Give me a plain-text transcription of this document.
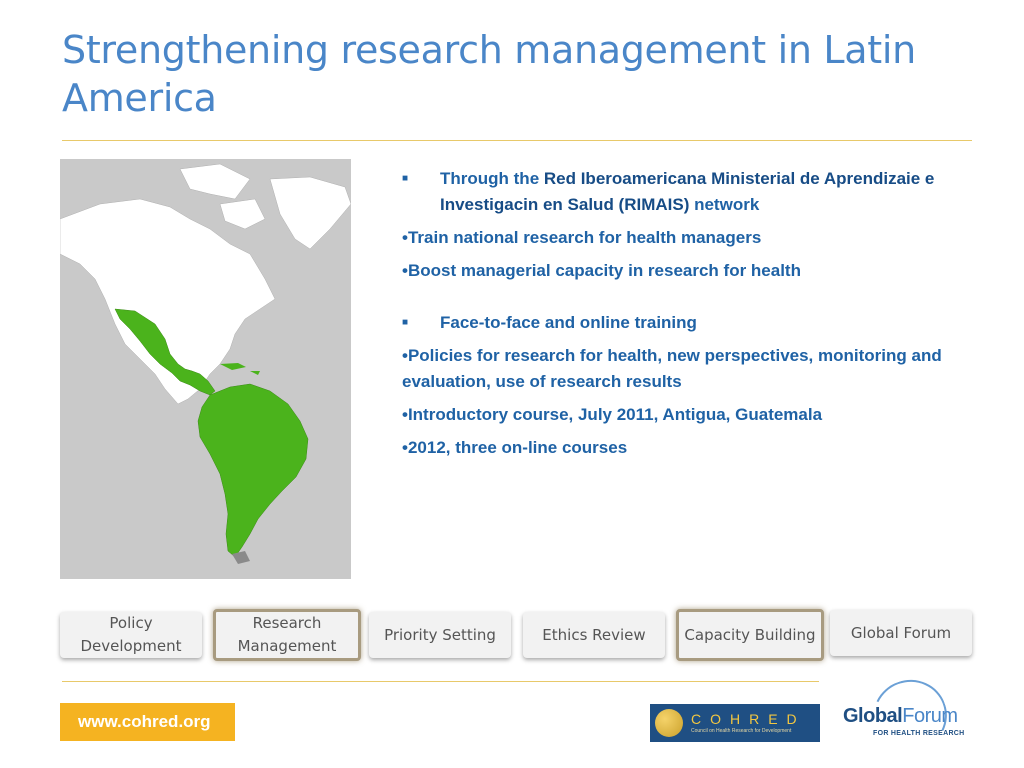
Strengthening research management in Latin America
■	Through the Red Iberoamericana Ministerial de Aprendizaie e Investigacin en Salud (RIMAIS) network
•Train national research for health managers
•Boost managerial capacity in research for health
■	Face-to-face and online training
•Policies for research for health, new perspectives, monitoring and evaluation, use of research results
•Introductory course, July 2011, Antigua, Guatemala
•2012, three on-line courses
Policy Development
Research Management
Priority Setting	Ethics Review	Capacity Building	Global Forum
www.cohred.org	COHRED
Council on Health Research for Development
GlobalForum
FOR HEALTH RESEARCH
